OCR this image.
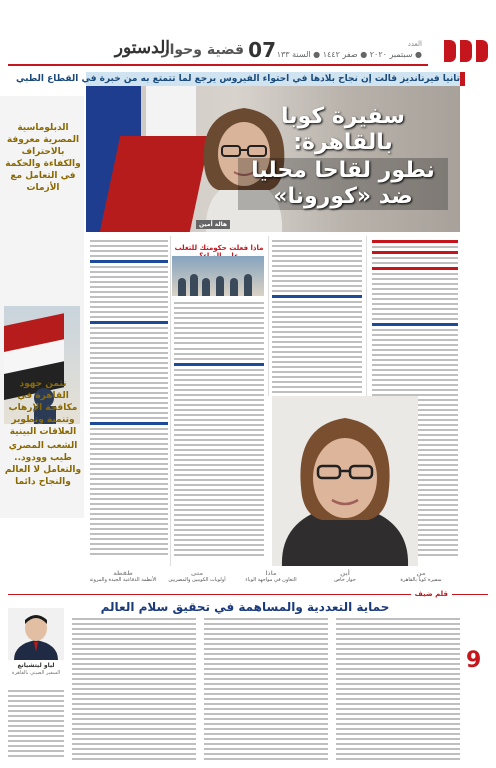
العدد
● سبتمبر ٢٠٢٠ ● صفر ١٤٤٢ ● السنة ١٣٣
07
قضية وحوار
الدستور
تانيا فيرنانديز قالت إن نجاح بلادها في احتواء الفيروس يرجع لما تتمتع به من خبرة في القطاع الطبي
سفيرة كوبا بالقاهرة:
نطور لقاحا محليا ضد «كورونا»
هالة أمين
الدبلوماسية المصرية معروفة بالاحتراف والكفاءة والحكمة في التعامل مع الأزمات
نثمن جهود القاهرة في مكافحة الإرهاب وتنمية وتطوير العلاقات البينية
الشعب المصري طيب وودود.. والتعامل لا العالم والنجاح دائما
ماذا فعلت حكومتك للتغلب
طقطة
الأنظمة الدفاعية الجيدة والمرونة
متى
أولويات الكوبيين والمصريين
ماذا
التعاون في مواجهة الوباء
أين
حوار خاص
من
سفيرة كوبا بالقاهرة
قلم ضيف
حماية التعددية والمساهمة في تحقيق سلام العالم
لياو ليتشيانغ
السفير الصيني بالقاهرة	9
